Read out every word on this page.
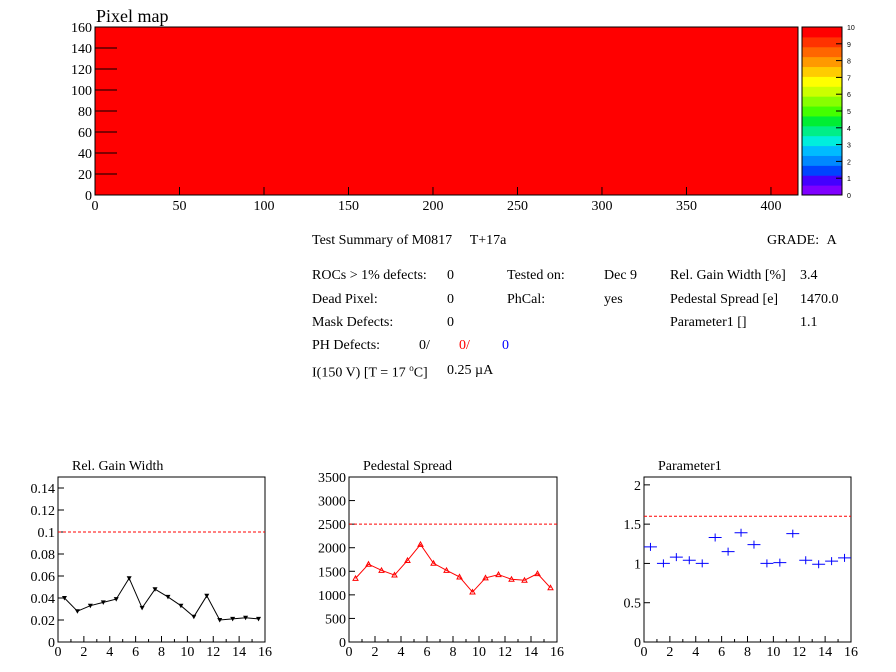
Pixel map
0	50	100	150	200	250	300	350	400
0
20
40
60
80
100
120
140
160
0
1
2
3
4
5
6
7
8
9
10
Rel. Gain Width
0
0.02
0.04
0.06
0.08
0.1
0.12
0.14
0 2 4 6 8 10 12 14 16
Pedestal Spread
0
500
1000
1500
2000
2500
3000
3500
0 2 4 6 8 10 12 14 16
Parameter1
0
0.5
1
1.5
2
0 2 4 6 8 10 12 14 16
Test Summary of M0817 T+17a	GRADE: A
ROCs > 1% defects: 0
Dead Pixel:	0
Mask Defects:	0
PH Defects:	0/ 0/ 0
I(150 V) [T = 17 $^o$C] 0.25 µA
Tested on:	Dec 9
PhCal:	yes
Rel. Gain Width [%] 3.4
Pedestal Spread [e] 1470.0
Parameter1 []	1.1
